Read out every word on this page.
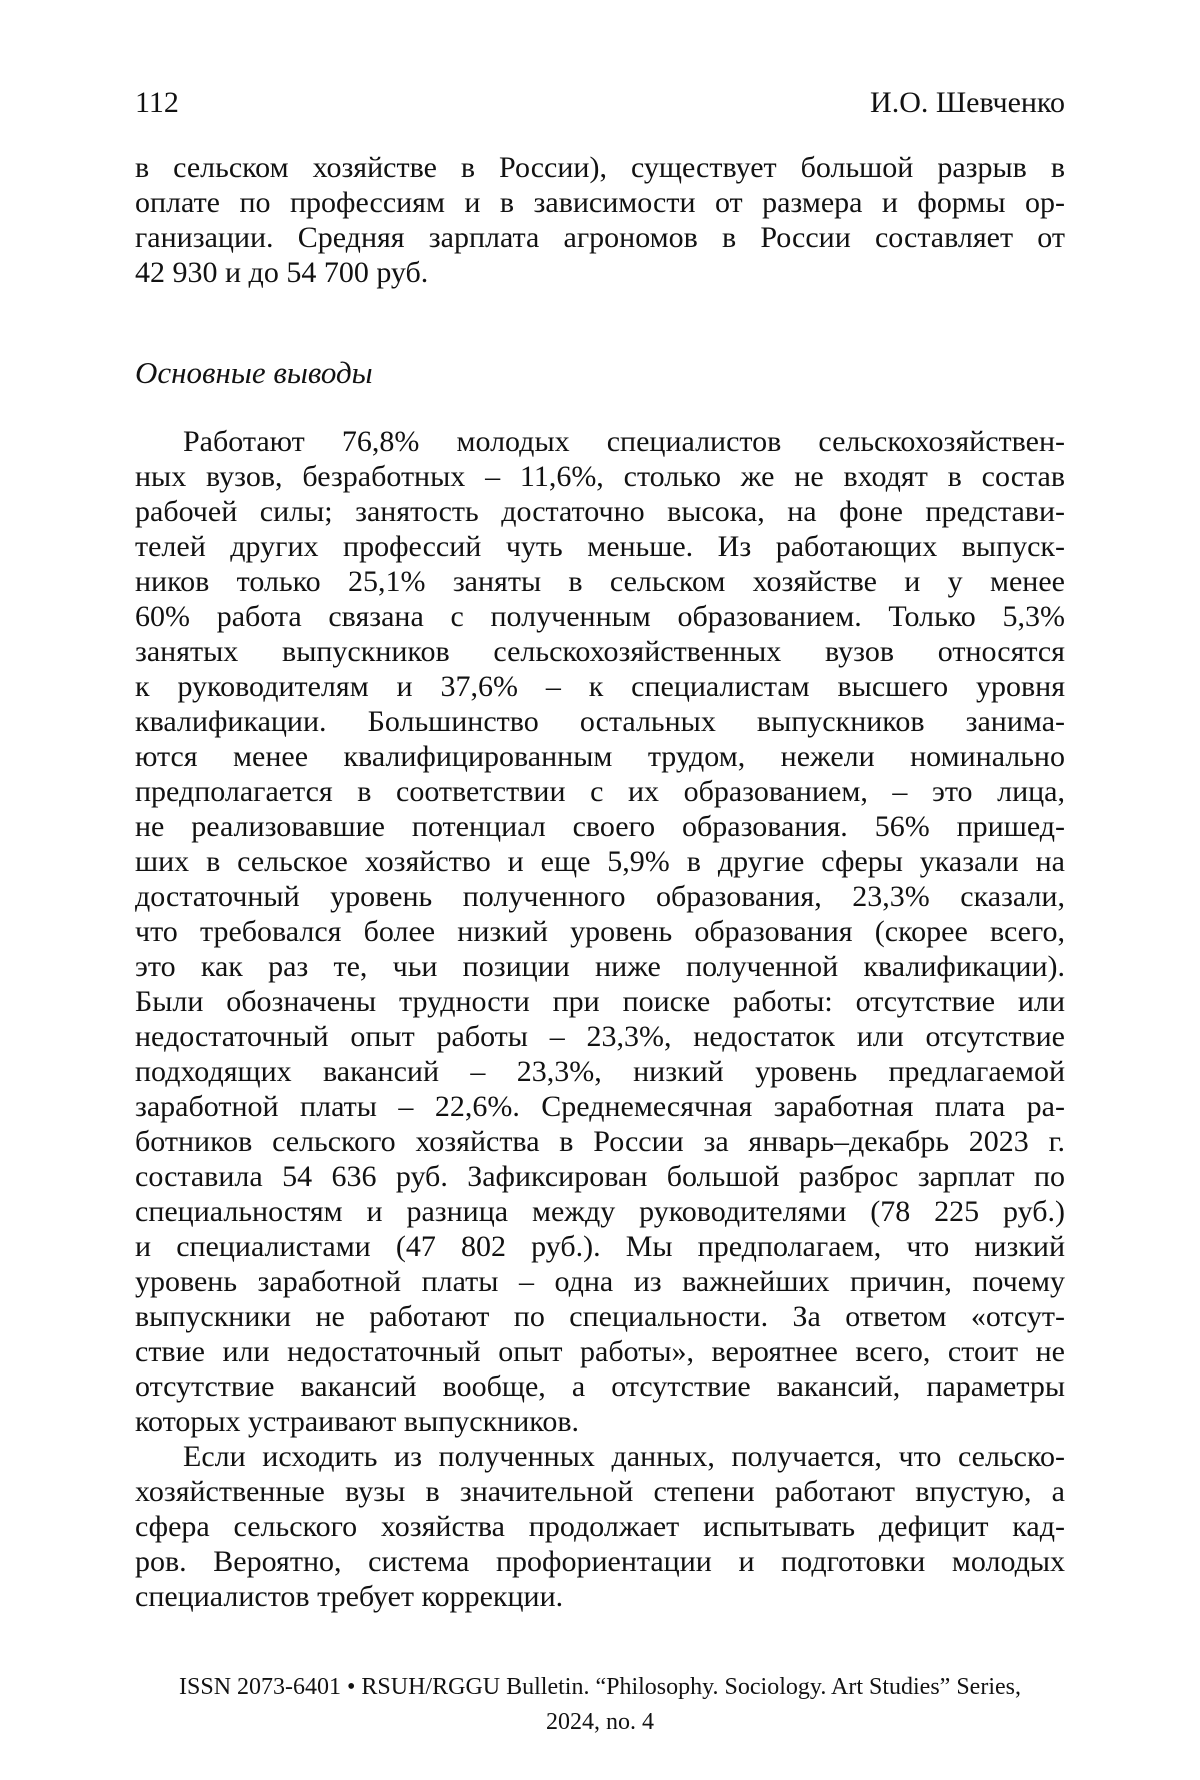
112	И.О. Шевченко
в сельском хозяйстве в России), существует большой разрыв в
оплате по профессиям и в зависимости от размера и формы ор-
ганизации. Средняя зарплата агрономов в России составляет от
42 930 и до 54 700 руб.
Основные выводы
Работают 76,8% молодых специалистов сельскохозяйствен-
ных вузов, безработных – 11,6%, столько же не входят в состав
рабочей силы; занятость достаточно высока, на фоне представи-
телей других профессий чуть меньше. Из работающих выпуск-
ников только 25,1% заняты в сельском хозяйстве и у менее
60% работа связана с полученным образованием. Только 5,3%
занятых выпускников сельскохозяйственных вузов относятся
к руководителям и 37,6% – к специалистам высшего уровня
квалификации. Большинство остальных выпускников занима-
ются менее квалифицированным трудом, нежели номинально
предполагается в соответствии с их образованием, – это лица,
не реализовавшие потенциал своего образования. 56% пришед-
ших в сельское хозяйство и еще 5,9% в другие сферы указали на
достаточный уровень полученного образования, 23,3% сказали,
что требовался более низкий уровень образования (скорее всего,
это как раз те, чьи позиции ниже полученной квалификации).
Были обозначены трудности при поиске работы: отсутствие или
недостаточный опыт работы – 23,3%, недостаток или отсутствие
подходящих вакансий – 23,3%, низкий уровень предлагаемой
заработной платы – 22,6%. Среднемесячная заработная плата ра-
ботников сельского хозяйства в России за январь–декабрь 2023 г.
составила 54 636 руб. Зафиксирован большой разброс зарплат по
специальностям и разница между руководителями (78 225 руб.)
и специалистами (47 802 руб.). Мы предполагаем, что низкий
уровень заработной платы – одна из важнейших причин, почему
выпускники не работают по специальности. За ответом «отсут-
ствие или недостаточный опыт работы», вероятнее всего, стоит не
отсутствие вакансий вообще, а отсутствие вакансий, параметры
которых устраивают выпускников.
Если исходить из полученных данных, получается, что сельско-
хозяйственные вузы в значительной степени работают впустую, а
сфера сельского хозяйства продолжает испытывать дефицит кад-
ров. Вероятно, система профориентации и подготовки молодых
специалистов требует коррекции.
ISSN 2073-6401 • RSUH/RGGU Bulletin. “Philosophy. Sociology. Art Studies” Series,
2024, no. 4
